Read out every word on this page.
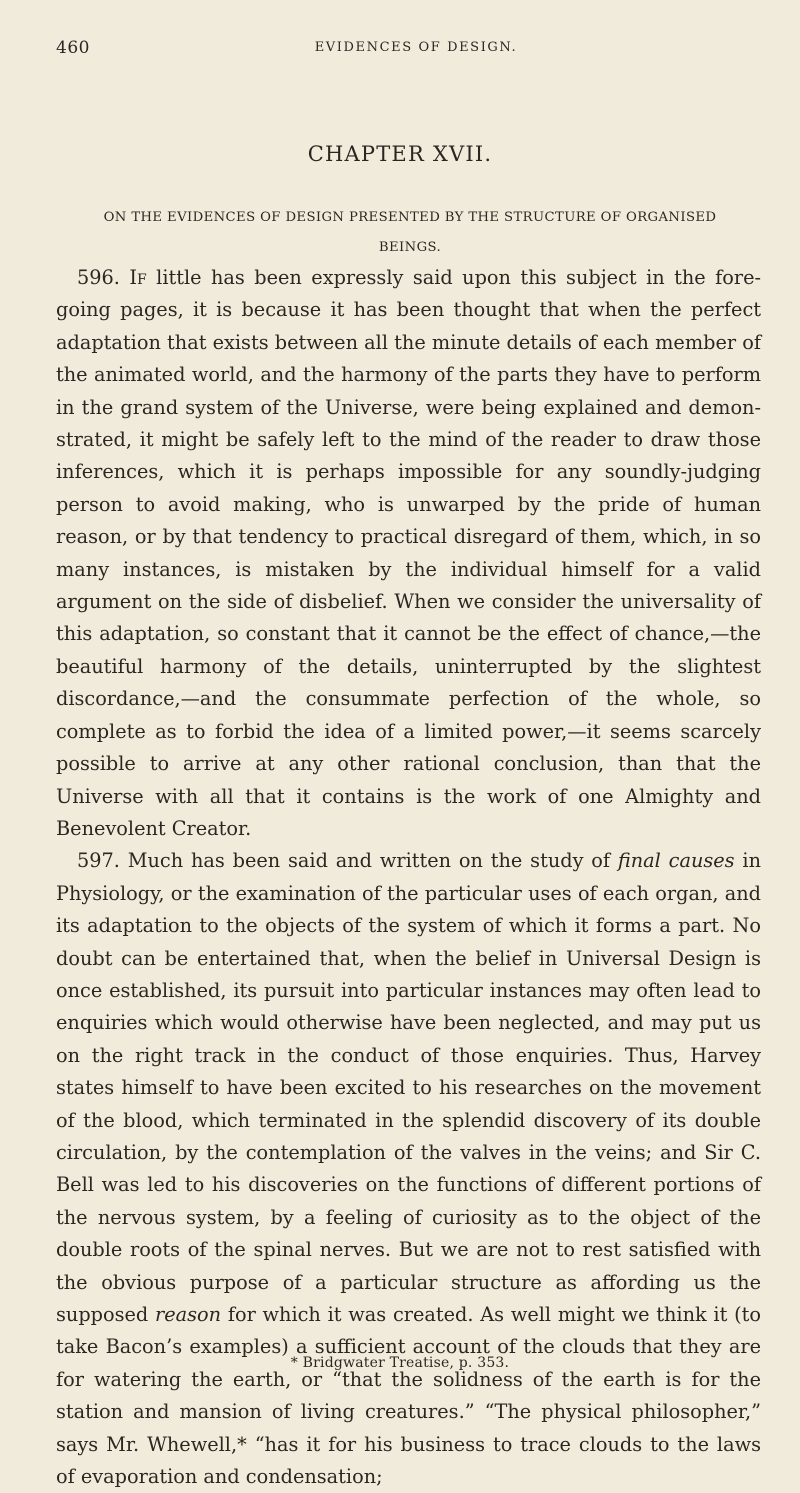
460	EVIDENCES OF DESIGN.
CHAPTER XVII.
ON THE EVIDENCES OF DESIGN PRESENTED BY THE STRUCTURE OF ORGANISED BEINGS.

596. If little has been expressly said upon this subject in the foregoing pages, it is because it has been thought that when the perfect adaptation that exists between all the minute details of each member of the animated world, and the harmony of the parts they have to perform in the grand system of the Universe, were being explained and demonstrated, it might be safely left to the mind of the reader to draw those inferences, which it is perhaps impossible for any soundly-judging person to avoid making, who is unwarped by the pride of human reason, or by that tendency to practical disregard of them, which, in so many instances, is mistaken by the individual himself for a valid argument on the side of disbelief. When we consider the universality of this adaptation, so constant that it cannot be the effect of chance,—the beautiful harmony of the details, uninterrupted by the slightest discordance,—and the consummate perfection of the whole, so complete as to forbid the idea of a limited power,—it seems scarcely possible to arrive at any other rational conclusion, than that the Universe with all that it contains is the work of one Almighty and Benevolent Creator.

597. Much has been said and written on the study of final causes in Physiology, or the examination of the particular uses of each organ, and its adaptation to the objects of the system of which it forms a part. No doubt can be entertained that, when the belief in Universal Design is once established, its pursuit into particular instances may often lead to enquiries which would otherwise have been neglected, and may put us on the right track in the conduct of those enquiries. Thus, Harvey states himself to have been excited to his researches on the movement of the blood, which terminated in the splendid discovery of its double circulation, by the contemplation of the valves in the veins; and Sir C. Bell was led to his discoveries on the functions of different portions of the nervous system, by a feeling of curiosity as to the object of the double roots of the spinal nerves. But we are not to rest satisfied with the obvious purpose of a particular structure as affording us the supposed reason for which it was created. As well might we think it (to take Bacon’s examples) a sufficient account of the clouds that they are for watering the earth, or “that the solidness of the earth is for the station and mansion of living creatures.” “The physical philosopher,” says Mr. Whewell,* “has it for his business to trace clouds to the laws of evaporation and condensation;

* Bridgwater Treatise, p. 353.
